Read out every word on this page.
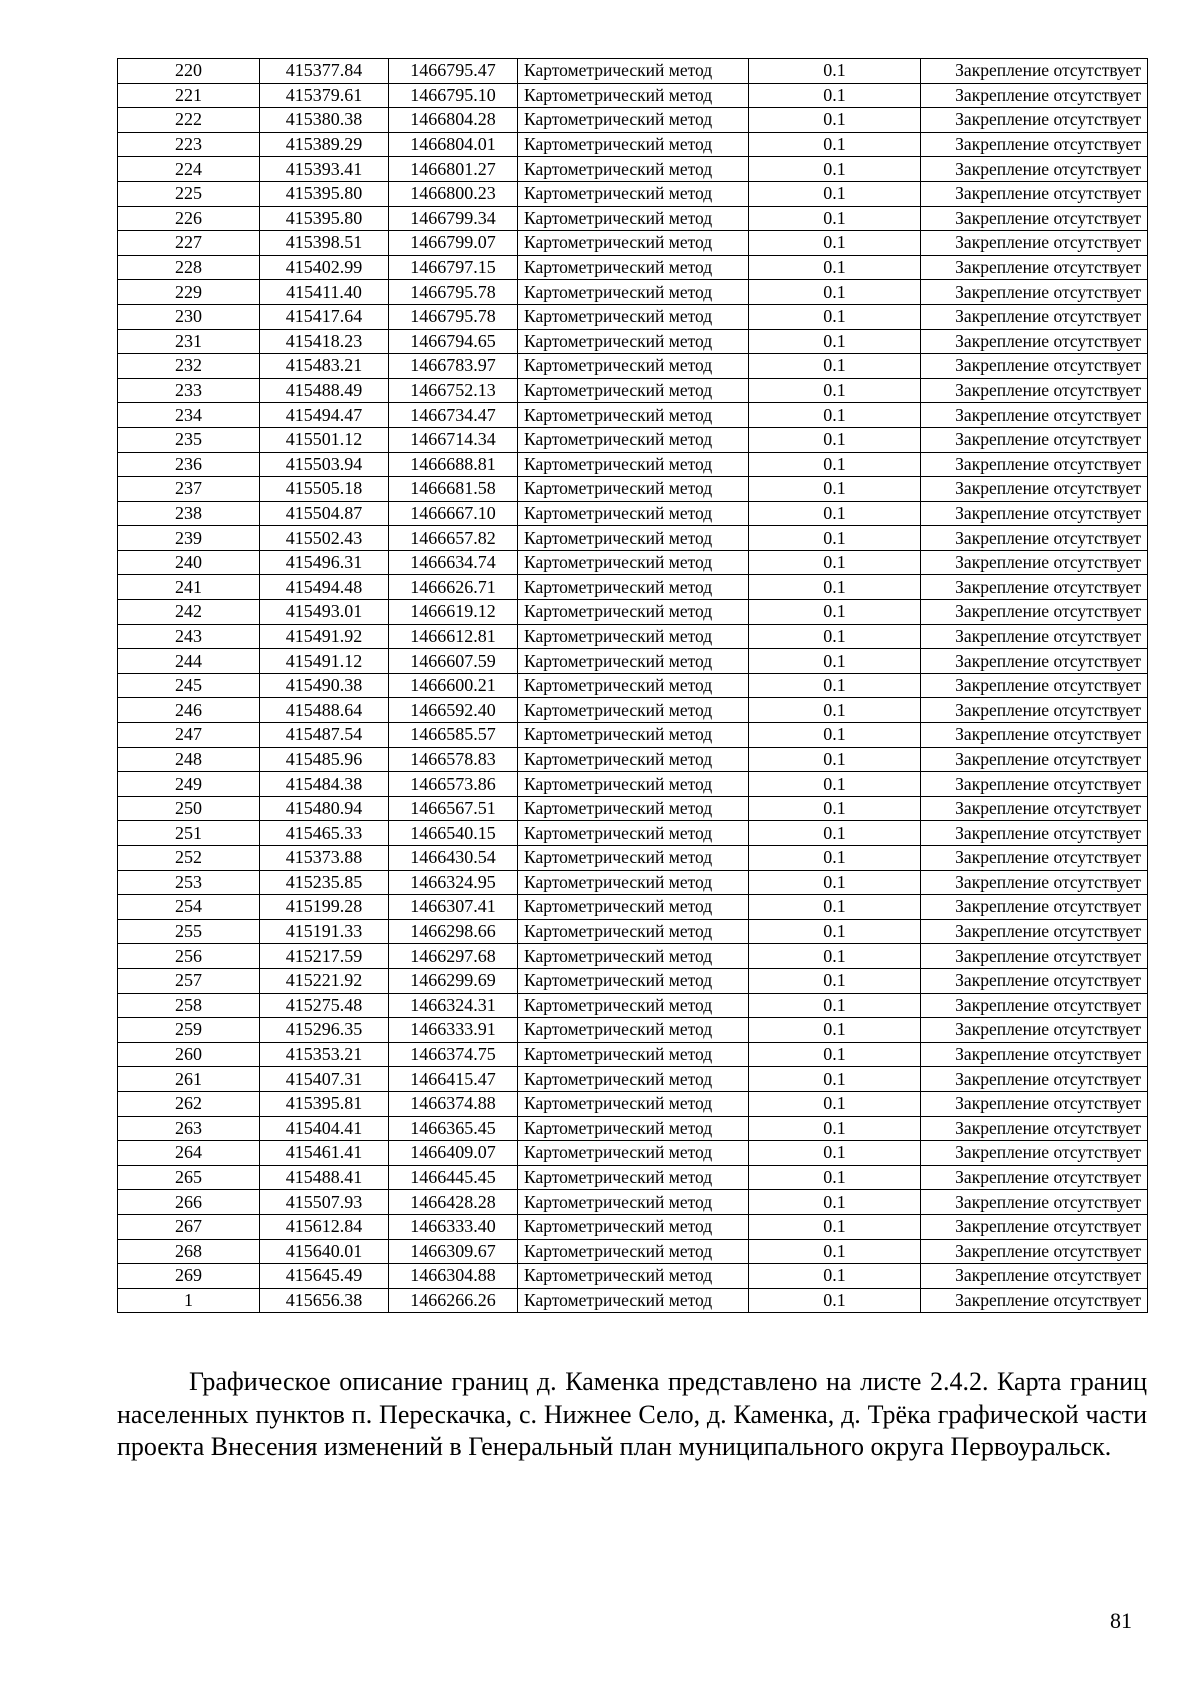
220	415377.84	1466795.47	Картометрический метод	0.1	Закрепление отсутствует
221	415379.61	1466795.10	Картометрический метод	0.1	Закрепление отсутствует
222	415380.38	1466804.28	Картометрический метод	0.1	Закрепление отсутствует
223	415389.29	1466804.01	Картометрический метод	0.1	Закрепление отсутствует
224	415393.41	1466801.27	Картометрический метод	0.1	Закрепление отсутствует
225	415395.80	1466800.23	Картометрический метод	0.1	Закрепление отсутствует
226	415395.80	1466799.34	Картометрический метод	0.1	Закрепление отсутствует
227	415398.51	1466799.07	Картометрический метод	0.1	Закрепление отсутствует
228	415402.99	1466797.15	Картометрический метод	0.1	Закрепление отсутствует
229	415411.40	1466795.78	Картометрический метод	0.1	Закрепление отсутствует
230	415417.64	1466795.78	Картометрический метод	0.1	Закрепление отсутствует
231	415418.23	1466794.65	Картометрический метод	0.1	Закрепление отсутствует
232	415483.21	1466783.97	Картометрический метод	0.1	Закрепление отсутствует
233	415488.49	1466752.13	Картометрический метод	0.1	Закрепление отсутствует
234	415494.47	1466734.47	Картометрический метод	0.1	Закрепление отсутствует
235	415501.12	1466714.34	Картометрический метод	0.1	Закрепление отсутствует
236	415503.94	1466688.81	Картометрический метод	0.1	Закрепление отсутствует
237	415505.18	1466681.58	Картометрический метод	0.1	Закрепление отсутствует
238	415504.87	1466667.10	Картометрический метод	0.1	Закрепление отсутствует
239	415502.43	1466657.82	Картометрический метод	0.1	Закрепление отсутствует
240	415496.31	1466634.74	Картометрический метод	0.1	Закрепление отсутствует
241	415494.48	1466626.71	Картометрический метод	0.1	Закрепление отсутствует
242	415493.01	1466619.12	Картометрический метод	0.1	Закрепление отсутствует
243	415491.92	1466612.81	Картометрический метод	0.1	Закрепление отсутствует
244	415491.12	1466607.59	Картометрический метод	0.1	Закрепление отсутствует
245	415490.38	1466600.21	Картометрический метод	0.1	Закрепление отсутствует
246	415488.64	1466592.40	Картометрический метод	0.1	Закрепление отсутствует
247	415487.54	1466585.57	Картометрический метод	0.1	Закрепление отсутствует
248	415485.96	1466578.83	Картометрический метод	0.1	Закрепление отсутствует
249	415484.38	1466573.86	Картометрический метод	0.1	Закрепление отсутствует
250	415480.94	1466567.51	Картометрический метод	0.1	Закрепление отсутствует
251	415465.33	1466540.15	Картометрический метод	0.1	Закрепление отсутствует
252	415373.88	1466430.54	Картометрический метод	0.1	Закрепление отсутствует
253	415235.85	1466324.95	Картометрический метод	0.1	Закрепление отсутствует
254	415199.28	1466307.41	Картометрический метод	0.1	Закрепление отсутствует
255	415191.33	1466298.66	Картометрический метод	0.1	Закрепление отсутствует
256	415217.59	1466297.68	Картометрический метод	0.1	Закрепление отсутствует
257	415221.92	1466299.69	Картометрический метод	0.1	Закрепление отсутствует
258	415275.48	1466324.31	Картометрический метод	0.1	Закрепление отсутствует
259	415296.35	1466333.91	Картометрический метод	0.1	Закрепление отсутствует
260	415353.21	1466374.75	Картометрический метод	0.1	Закрепление отсутствует
261	415407.31	1466415.47	Картометрический метод	0.1	Закрепление отсутствует
262	415395.81	1466374.88	Картометрический метод	0.1	Закрепление отсутствует
263	415404.41	1466365.45	Картометрический метод	0.1	Закрепление отсутствует
264	415461.41	1466409.07	Картометрический метод	0.1	Закрепление отсутствует
265	415488.41	1466445.45	Картометрический метод	0.1	Закрепление отсутствует
266	415507.93	1466428.28	Картометрический метод	0.1	Закрепление отсутствует
267	415612.84	1466333.40	Картометрический метод	0.1	Закрепление отсутствует
268	415640.01	1466309.67	Картометрический метод	0.1	Закрепление отсутствует
269	415645.49	1466304.88	Картометрический метод	0.1	Закрепление отсутствует
1	415656.38	1466266.26	Картометрический метод	0.1	Закрепление отсутствует

Графическое описание границ д. Каменка представлено на листе 2.4.2. Карта границ населенных пунктов п. Перескачка, с. Нижнее Село, д. Каменка, д. Трёка графической части проекта Внесения изменений в Генеральный план муниципального округа Первоуральск.

81
